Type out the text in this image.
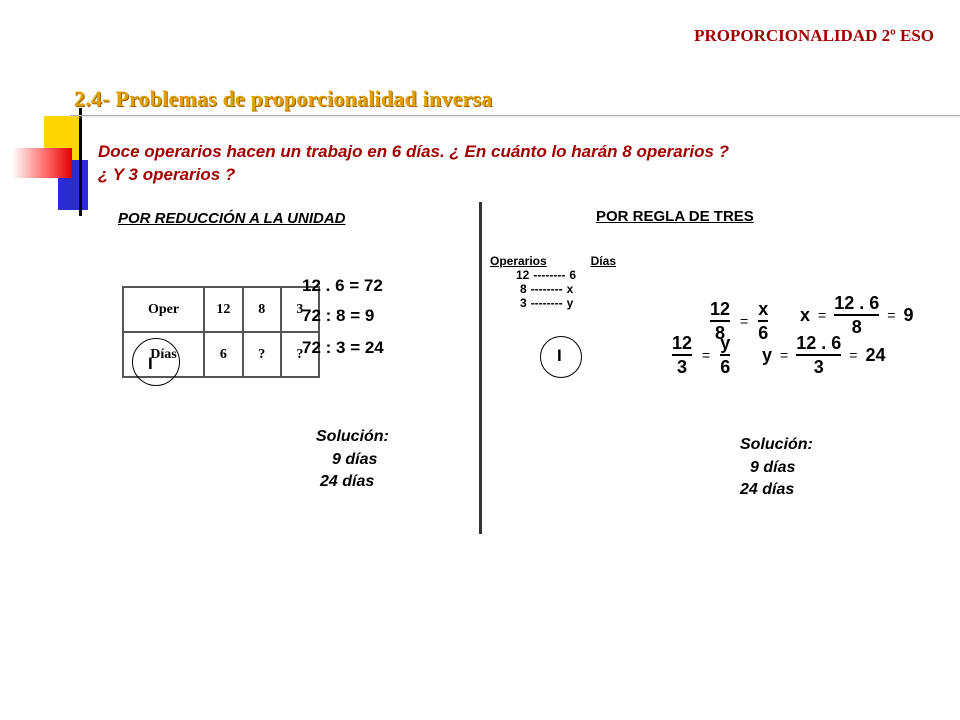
PROPORCIONALIDAD 2º ESO
2.4- Problemas de proporcionalidad inversa
Doce operarios hacen un trabajo en 6 días. ¿ En cuánto lo harán 8 operarios ?
¿ Y 3 operarios ?
POR REDUCCIÓN A LA UNIDAD
Oper	12	8	3
Días	6	?	?
I
12 . 6 = 72
72 : 8 = 9
72 : 3 = 24
Solución:
9 días
24 días
POR REGLA DE TRES
Operarios	Días
12 -------- 6
8 -------- x
3 -------- y
I
$\frac{12}{8} = \frac{x}{6}$ $x = \frac{12 . 6}{8} = 9$
$\frac{12}{3} = \frac{y}{6}$ $y = \frac{12 . 6}{3} = 24$
Solución:
9 días
24 días
